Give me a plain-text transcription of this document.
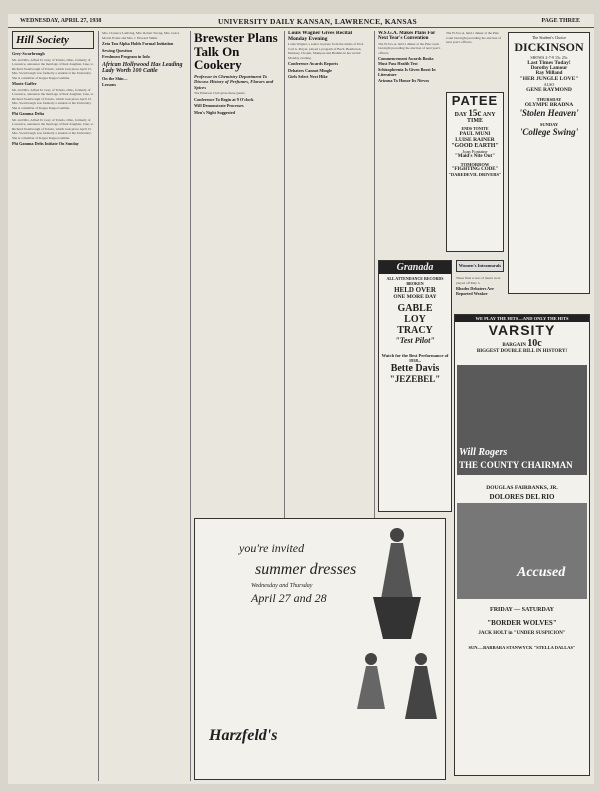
WEDNESDAY, APRIL 27, 1938	UNIVERSITY DAILY KANSAN, LAWRENCE, KANSAS	PAGE THREE
Hill Society
Grey-Swarbrough
Mr. and Mrs. Alfred D. Grey of Toledo, Ohio, formerly of Lawrence, announce the marriage of their daughter, Jane, to Richard Swarbrough of Toledo, which took place April 15. Mrs. Swarbrough was formerly a student at the University. She is a member of Kappa Kappa Gamma.
Mootz-Gaffer
Mr. and Mrs. Alfred D. Grey of Toledo, Ohio, formerly of Lawrence, announce the marriage of their daughter, Jane, to Richard Swarbrough of Toledo, which took place April 15. Mrs. Swarbrough was formerly a student at the University. She is a member of Kappa Kappa Gamma.
Phi Gamma Delta
Mr. and Mrs. Alfred D. Grey of Toledo, Ohio, formerly of Lawrence, announce the marriage of their daughter, Jane, to Richard Swarbrough of Toledo, which took place April 15. Mrs. Swarbrough was formerly a student at the University. She is a member of Kappa Kappa Gamma.
Phi Gamma Delts Initiate On Sunday
Mrs. Clarence Lamving, Mrs. Robert Strong, Mrs. Grace Morris Evans and Mrs. J. Howard Smith.
Zeta Tau Alpha Holds Formal Initiation
Sewing Question
Freshmen Program in Info
African Hollywood Has Leading Lady Worth 100 Cattle
On the Shin—
Lessons
Brewster Plans Talk On Cookery
Professor in Chemistry Department To Discuss History of Perfumes, Flavors and Spices
The Emerson Club gives these guests.
Conference To Begin at 9 O'clock
Will Demonstrate Processes
Men's Night Suggested
Louis Wagner Gives Recital Monday Evening
Louis Wagner, a senior in piano from the studio of Prof. Carl A. Preyer, played a program of Bach, Beethoven, Debussy, Chopin, Mompou and Brahms in her recital Monday evening.
Conference Awards Reports
Debaters Cannot Mingle
Girls Select Next Hike
W.S.G.A. Makes Plans For Next Year's Convention
The W.S.G.A. held a dinner at the Pine room last night preceding the election of next year's officers.
Commencement Awards Books Must Pass Health Test
Schizophrenia Is Given Boost In Literature
Arizona To Honor Its Nirvos
The W.S.G.A. held a dinner at the Pine room last night preceding the election of next year's officers.
The Student's Choice
DICKINSON
SHOWS 2-7-9 15c 25c
Last Times Today!
Dorothy Lamour
Ray Milland
"HER JUNGLE LOVE"
ALSO
GENE RAYMOND
THURSDAY
OLYMPE BRADNA
'Stolen Heaven'
SUNDAY
'College Swing'
PATEE
DAY 15c ANY TIME
ENDS TONITE
PAUL MUNI
LUISE RAINER
"GOOD EARTH"
Joan Fontaine
"Maid's Nite Out"
TOMORROW
"FIGHTING CODE"
"DAREDEVIL DRIVERS"
Granada
ALL ATTENDANCE RECORDS BROKEN
HELD OVER
ONE MORE DAY
GABLE
LOY
TRACY
"Test Pilot"
Watch for the Best Performance of 1938...
Bette Davis
"JEZEBEL"
Women's Intramurals
These final scores of meets were played off May 3.
Rhodes Debaters Are Reported Weaker
you're invited
summer dresses
Wednesday and Thursday
April 27 and 28
Harzfeld's
WE PLAY THE HITS—AND ONLY THE HITS
VARSITY
BARGAIN 10c
BIGGEST DOUBLE BILL IN HISTORY!
Will Rogers
THE COUNTY CHAIRMAN
DOUGLAS FAIRBANKS, JR.
DOLORES DEL RIO
Accused
FRIDAY — SATURDAY
"BORDER WOLVES"
JACK HOLT in "UNDER SUSPICION"
SUN.—BARBARA STANWYCK "STELLA DALLAS"
